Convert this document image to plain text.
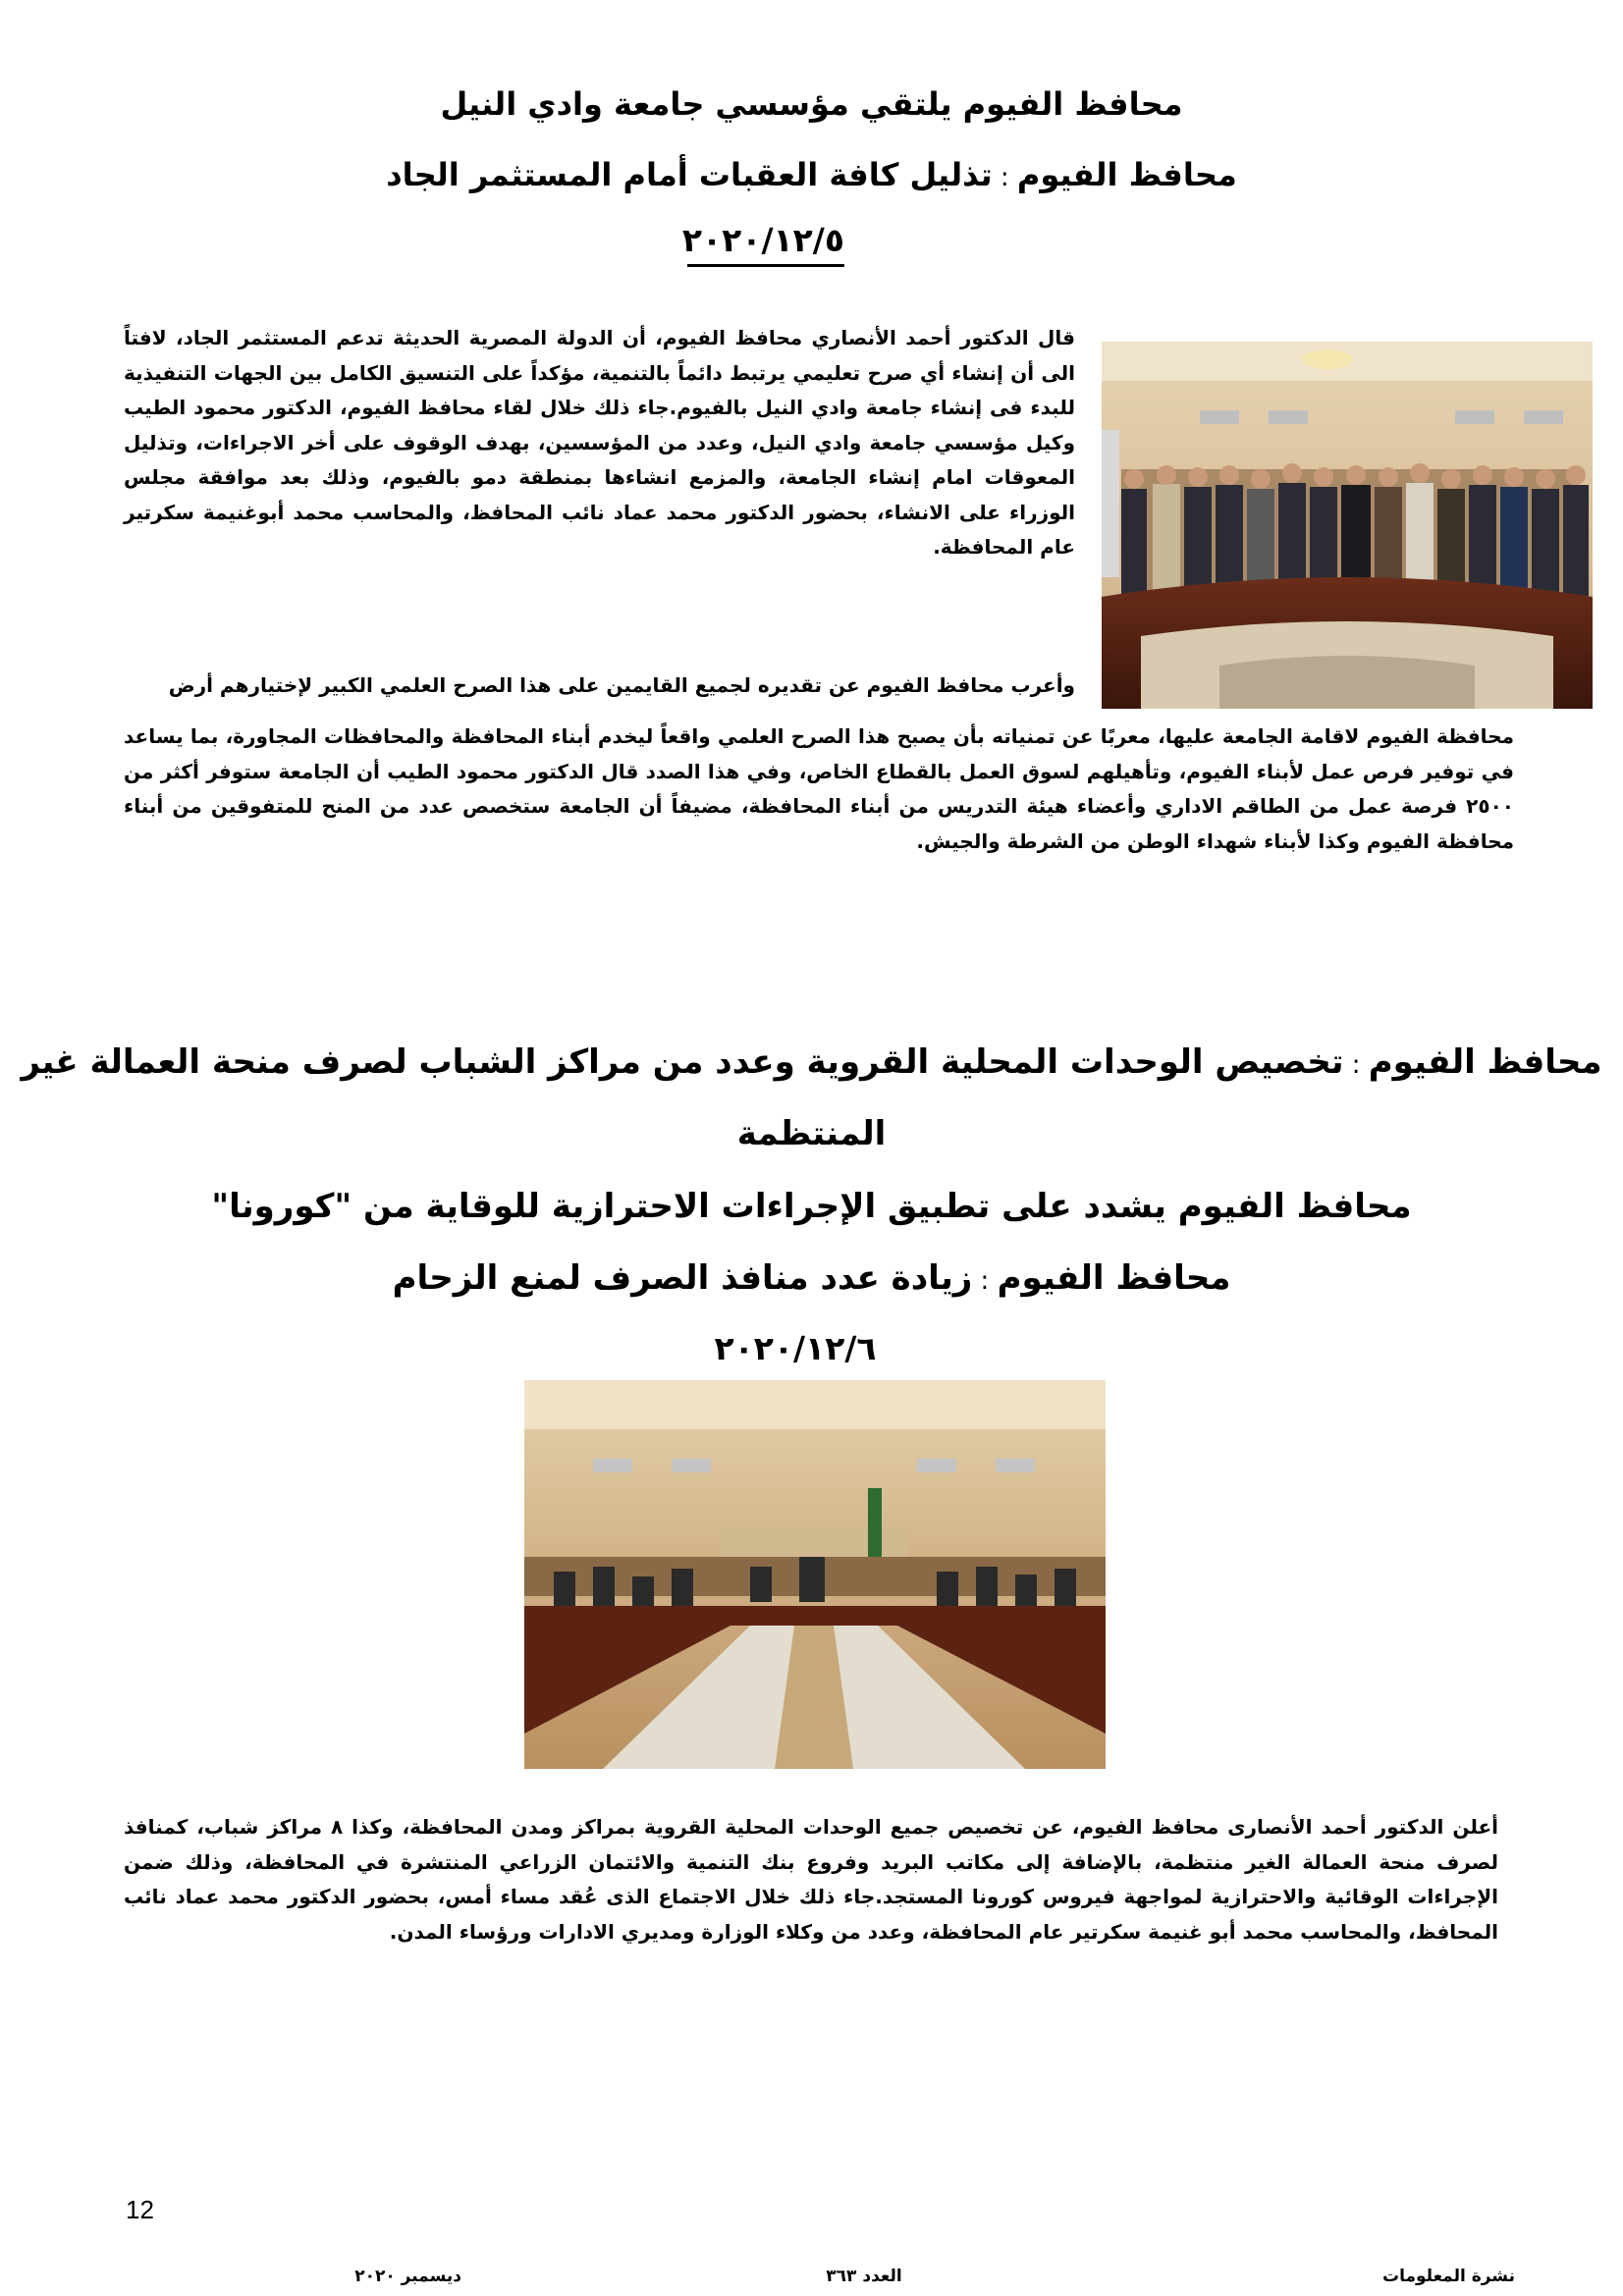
محافظ الفيوم يلتقي مؤسسي جامعة وادي النيل
محافظ الفيوم : تذليل كافة العقبات أمام المستثمر الجاد
٢٠٢٠/١٢/٥

قال الدكتور أحمد الأنصاري محافظ الفيوم، أن الدولة المصرية الحديثة تدعم المستثمر الجاد، لافتاً الى أن إنشاء أي صرح تعليمي يرتبط دائماً بالتنمية، مؤكداً على التنسيق الكامل بين الجهات التنفيذية للبدء فى إنشاء جامعة وادي النيل بالفيوم.جاء ذلك خلال لقاء محافظ الفيوم، الدكتور محمود الطيب وكيل مؤسسي جامعة وادي النيل، وعدد من المؤسسين، بهدف الوقوف على أخر الاجراءات، وتذليل المعوقات امام إنشاء الجامعة، والمزمع انشاءها بمنطقة دمو بالفيوم، وذلك بعد موافقة مجلس الوزراء على الانشاء، بحضور الدكتور محمد عماد نائب المحافظ، والمحاسب محمد أبوغنيمة سكرتير عام المحافظة.

وأعرب محافظ الفيوم عن تقديره لجميع القايمين على هذا الصرح العلمي الكبير لإختيارهم أرض

محافظة الفيوم لاقامة الجامعة عليها، معربًا عن تمنياته بأن يصبح هذا الصرح العلمي واقعاً ليخدم أبناء المحافظة والمحافظات المجاورة، بما يساعد في توفير فرص عمل لأبناء الفيوم، وتأهيلهم لسوق العمل بالقطاع الخاص، وفي هذا الصدد قال الدكتور محمود الطيب أن الجامعة ستوفر أكثر من ٢٥٠٠ فرصة عمل من الطاقم الاداري وأعضاء هيئة التدريس من أبناء المحافظة، مضيفاً أن الجامعة ستخصص عدد من المنح للمتفوقين من أبناء محافظة الفيوم وكذا لأبناء شهداء الوطن من الشرطة والجيش.

محافظ الفيوم : تخصيص الوحدات المحلية القروية وعدد من مراكز الشباب لصرف منحة العمالة غير
المنتظمة
محافظ الفيوم يشدد على تطبيق الإجراءات الاحترازية للوقاية من "كورونا"
محافظ الفيوم : زيادة عدد منافذ الصرف لمنع الزحام
٢٠٢٠/١٢/٦

أعلن الدكتور أحمد الأنصارى محافظ الفيوم، عن تخصيص جميع الوحدات المحلية القروية بمراكز ومدن المحافظة، وكذا ٨ مراكز شباب، كمنافذ لصرف منحة العمالة الغير منتظمة، بالإضافة إلى مكاتب البريد وفروع بنك التنمية والائتمان الزراعي المنتشرة في المحافظة، وذلك ضمن الإجراءات الوقائية والاحترازية لمواجهة فيروس كورونا المستجد.جاء ذلك خلال الاجتماع الذى عُقد مساء أمس، بحضور الدكتور محمد عماد نائب المحافظ، والمحاسب محمد أبو غنيمة سكرتير عام المحافظة، وعدد من وكلاء الوزارة ومديري الادارات ورؤساء المدن.

12
نشرة المعلومات
العدد ٣٦٣
ديسمبر ٢٠٢٠
